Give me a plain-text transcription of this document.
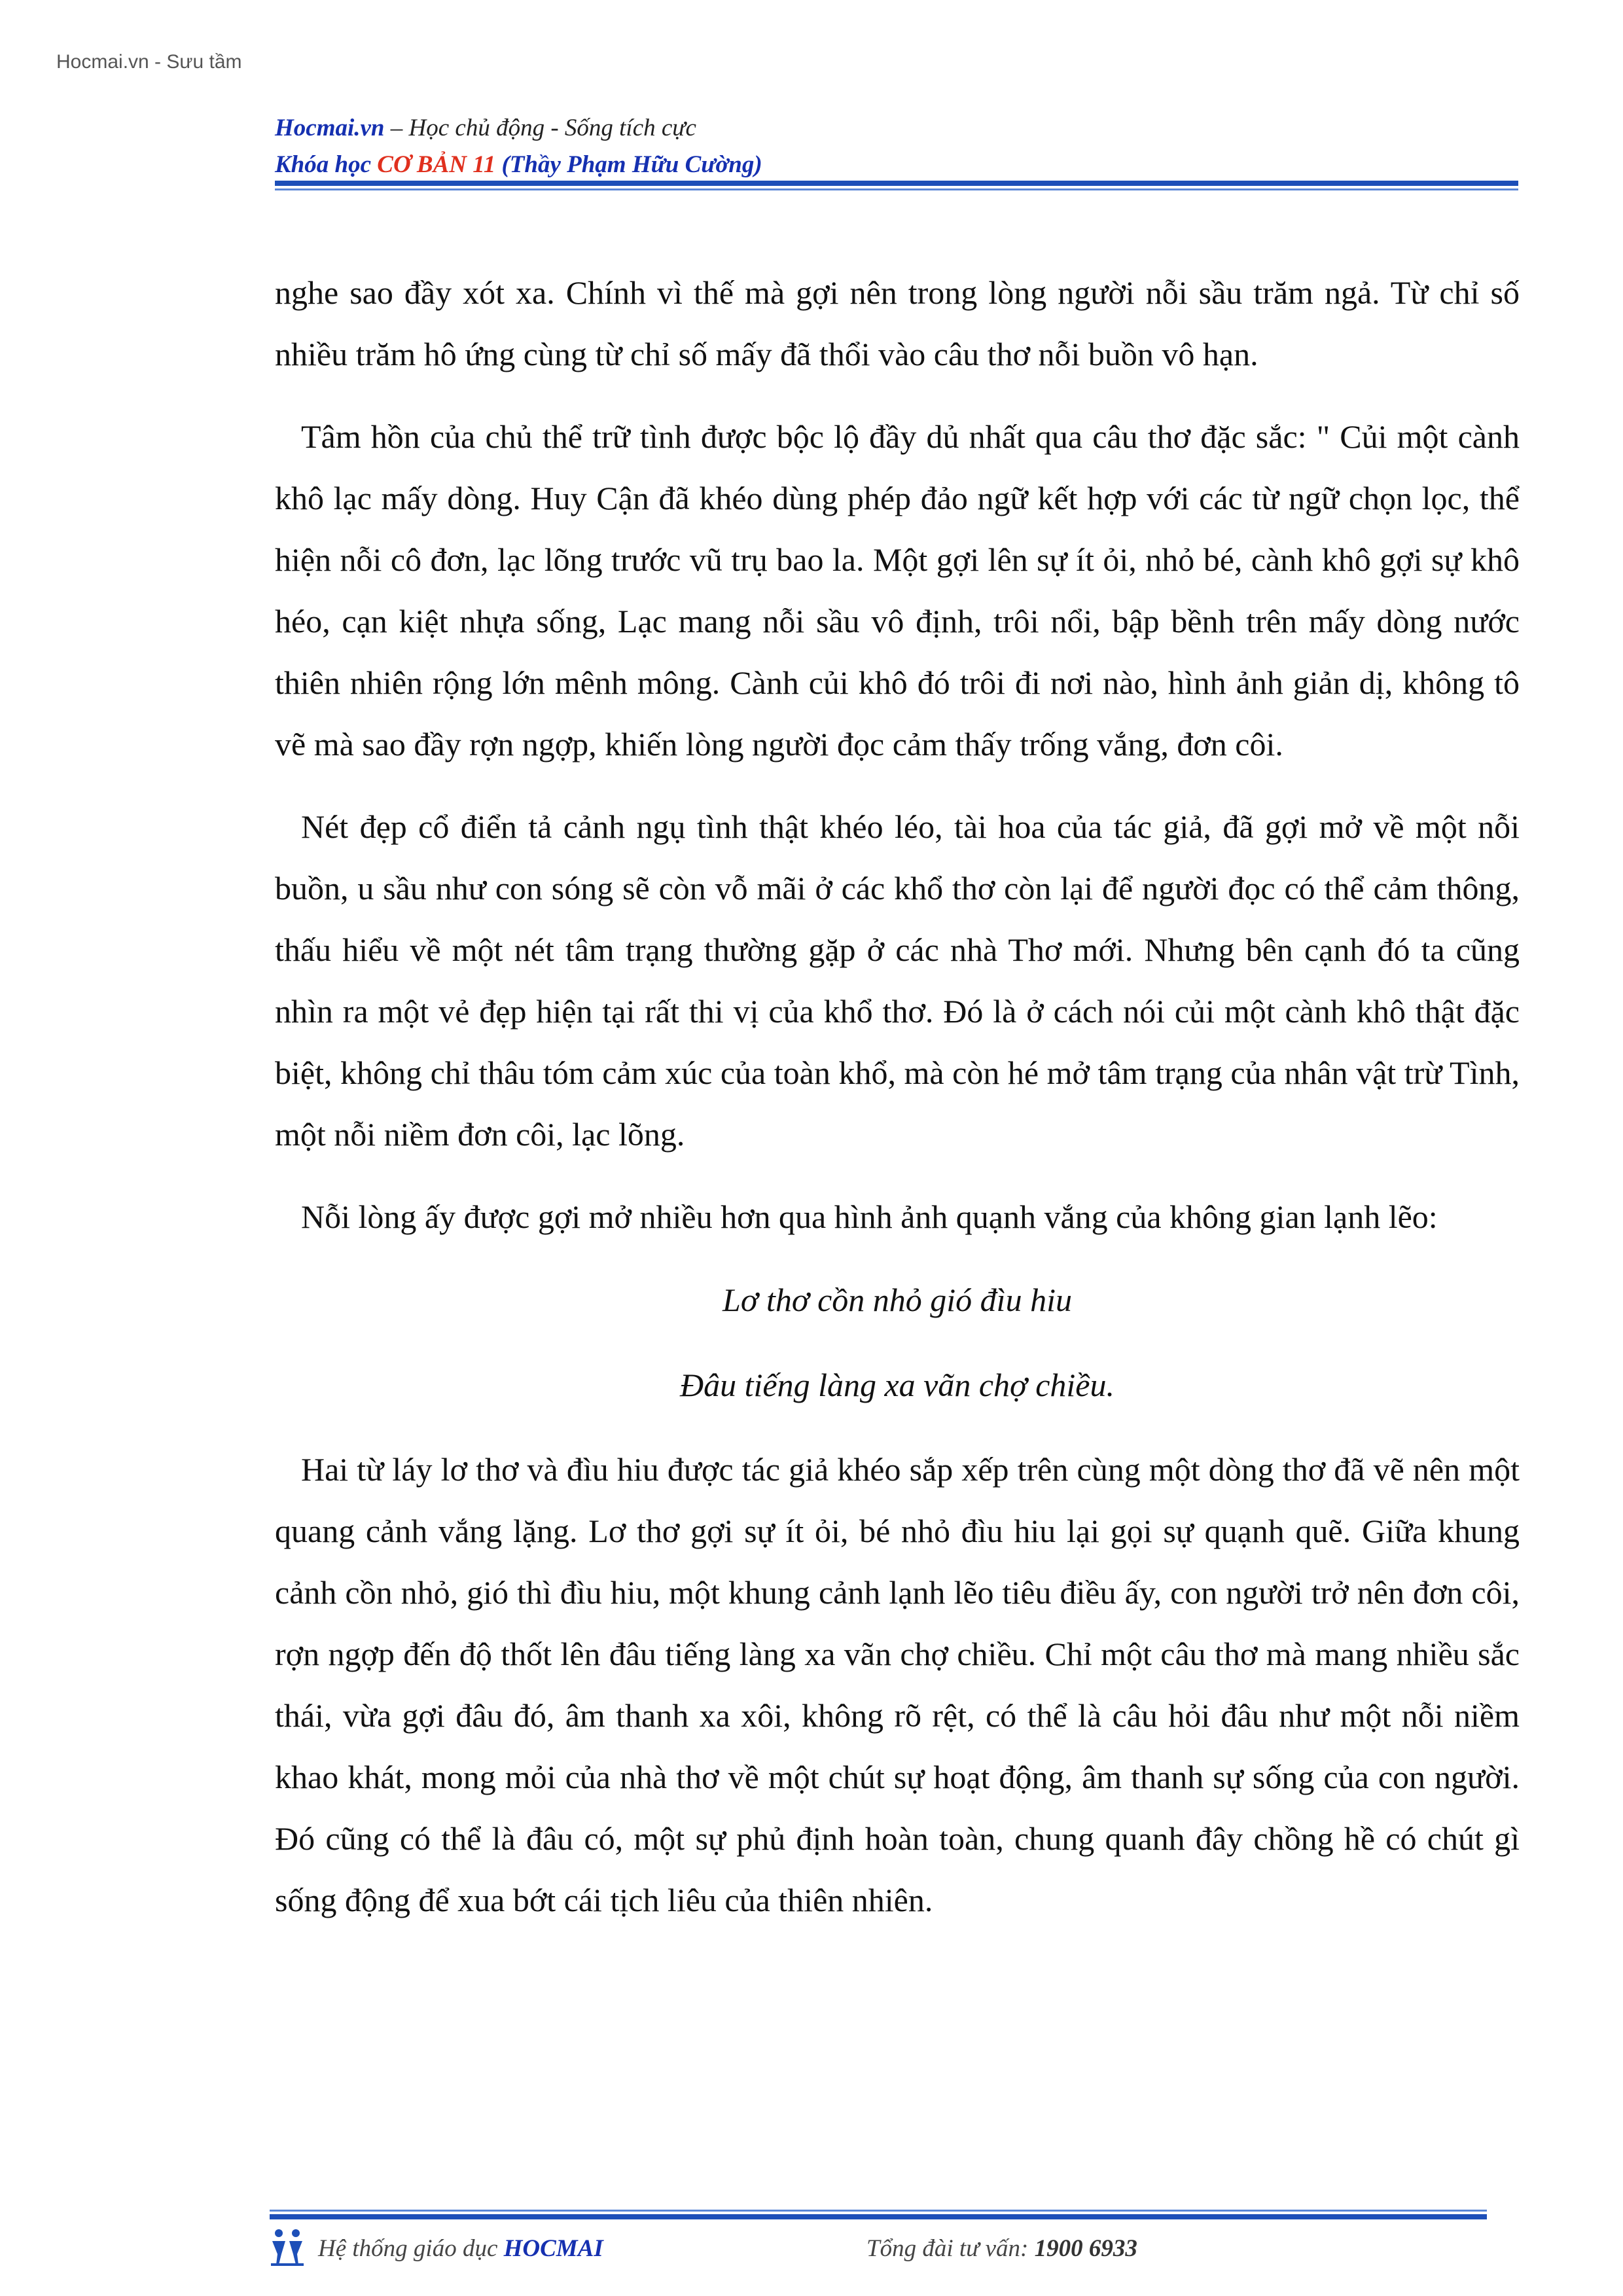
Hocmai.vn - Sưu tầm
Hocmai.vn – Học chủ động - Sống tích cực
Khóa học CƠ BẢN 11 (Thầy Phạm Hữu Cường)

nghe sao đầy xót xa. Chính vì thế mà gợi nên trong lòng người nỗi sầu trăm ngả. Từ chỉ số nhiều trăm hô ứng cùng từ chỉ số mấy đã thổi vào câu thơ nỗi buồn vô hạn.

Tâm hồn của chủ thể trữ tình được bộc lộ đầy dủ nhất qua câu thơ đặc sắc: " Củi một cành khô lạc mấy dòng. Huy Cận đã khéo dùng phép đảo ngữ kết hợp với các từ ngữ chọn lọc, thể hiện nỗi cô đơn, lạc lõng trước vũ trụ bao la. Một gợi lên sự ít ỏi, nhỏ bé, cành khô gợi sự khô héo, cạn kiệt nhựa sống, Lạc mang nỗi sầu vô định, trôi nổi, bập bềnh trên mấy dòng nước thiên nhiên rộng lớn mênh mông. Cành củi khô đó trôi đi nơi nào, hình ảnh giản dị, không tô vẽ mà sao đầy rợn ngợp, khiến lòng người đọc cảm thấy trống vắng, đơn côi.

Nét đẹp cổ điển tả cảnh ngụ tình thật khéo léo, tài hoa của tác giả, đã gợi mở về một nỗi buồn, u sầu như con sóng sẽ còn vỗ mãi ở các khổ thơ còn lại để người đọc có thể cảm thông, thấu hiểu về một nét tâm trạng thường gặp ở các nhà Thơ mới. Nhưng bên cạnh đó ta cũng nhìn ra một vẻ đẹp hiện tại rất thi vị của khổ thơ. Đó là ở cách nói củi một cành khô thật đặc biệt, không chỉ thâu tóm cảm xúc của toàn khổ, mà còn hé mở tâm trạng của nhân vật trừ Tình, một nỗi niềm đơn côi, lạc lõng.

Nỗi lòng ấy được gợi mở nhiều hơn qua hình ảnh quạnh vắng của không gian lạnh lẽo:

Lơ thơ cồn nhỏ gió đìu hiu

Đâu tiếng làng xa vãn chợ chiều.

Hai từ láy lơ thơ và đìu hiu được tác giả khéo sắp xếp trên cùng một dòng thơ đã vẽ nên một quang cảnh vắng lặng. Lơ thơ gợi sự ít ỏi, bé nhỏ đìu hiu lại gọi sự quạnh quẽ. Giữa khung cảnh cồn nhỏ, gió thì đìu hiu, một khung cảnh lạnh lẽo tiêu điều ấy, con người trở nên đơn côi, rợn ngợp đến độ thốt lên đâu tiếng làng xa vãn chợ chiều. Chỉ một câu thơ mà mang nhiều sắc thái, vừa gợi đâu đó, âm thanh xa xôi, không rõ rệt, có thể là câu hỏi đâu như một nỗi niềm khao khát, mong mỏi của nhà thơ về một chút sự hoạt động, âm thanh sự sống của con người. Đó cũng có thể là đâu có, một sự phủ định hoàn toàn, chung quanh đây chồng hề có chút gì sống động để xua bớt cái tịch liêu của thiên nhiên.

Hệ thống giáo dục HOCMAI	Tổng đài tư vấn: 1900 6933
